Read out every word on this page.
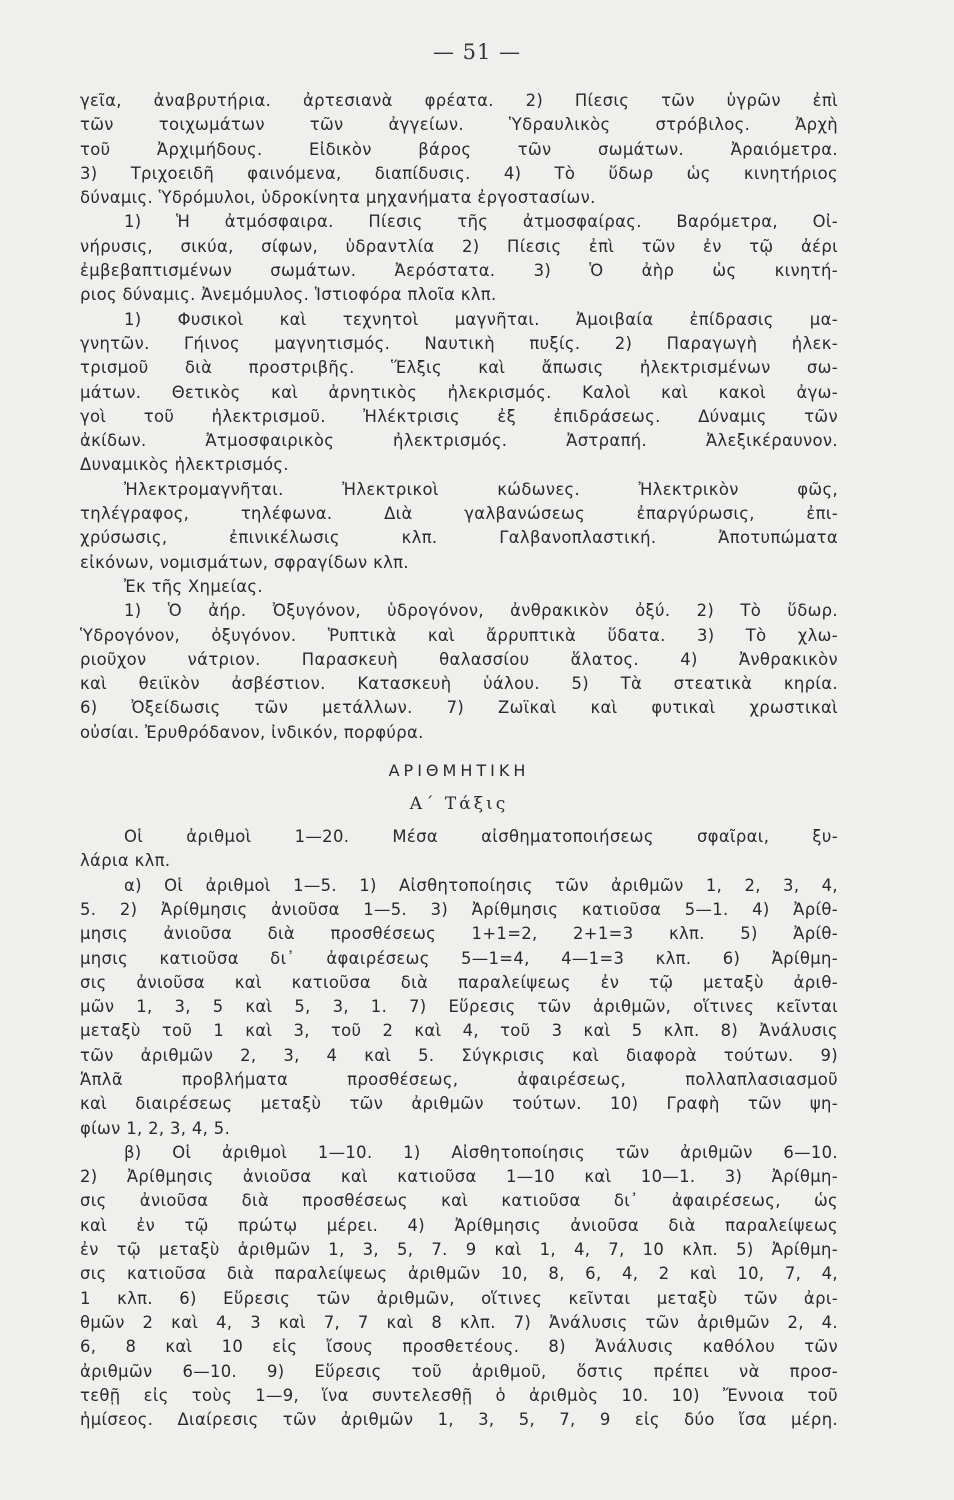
— 51 —
γεῖα, ἀναβρυτήρια. ἀρτεσιανὰ φρέατα. 2) Πίεσις τῶν ὑγρῶν ἐπὶ
τῶν τοιχωμάτων τῶν ἀγγείων. Ὑδραυλικὸς στρόβιλος. Ἀρχὴ
τοῦ Ἀρχιμήδους. Εἰδικὸν βάρος τῶν σωμάτων. Ἀραιόμετρα.
3) Τριχοειδῆ φαινόμενα, διαπίδυσις. 4) Τὸ ὕδωρ ὡς κινητήριος
δύναμις. Ὑδρόμυλοι, ὑδροκίνητα μηχανήματα ἐργοστασίων.
1) Ἡ ἀτμόσφαιρα. Πίεσις τῆς ἀτμοσφαίρας. Βαρόμετρα, Οἰ-
νήρυσις, σικύα, σίφων, ὑδραντλία 2) Πίεσις ἐπὶ τῶν ἐν τῷ ἀέρι
ἐμβεβαπτισμένων σωμάτων. Ἀερόστατα. 3) Ὁ ἀὴρ ὡς κινητή-
ριος δύναμις. Ἀνεμόμυλος. Ἱστιοφόρα πλοῖα κλπ.
1) Φυσικοὶ καὶ τεχνητοὶ μαγνῆται. Ἀμοιβαία ἐπίδρασις μα-
γνητῶν. Γήινος μαγνητισμός. Ναυτικὴ πυξίς. 2) Παραγωγὴ ἠλεκ-
τρισμοῦ διὰ προστριβῆς. Ἕλξις καὶ ἄπωσις ἠλεκτρισμένων σω-
μάτων. Θετικὸς καὶ ἀρνητικὸς ἠλεκρισμός. Καλοὶ καὶ κακοὶ ἀγω-
γοὶ τοῦ ἠλεκτρισμοῦ. Ἠλέκτρισις ἐξ ἐπιδράσεως. Δύναμις τῶν
ἀκίδων. Ἀτμοσφαιρικὸς ἠλεκτρισμός. Ἀστραπή. Ἀλεξικέραυνον.
Δυναμικὸς ἠλεκτρισμός.
Ἠλεκτρομαγνῆται. Ἠλεκτρικοὶ κώδωνες. Ἠλεκτρικὸν φῶς,
τηλέγραφος, τηλέφωνα. Διὰ γαλβανώσεως ἐπαργύρωσις, ἐπι-
χρύσωσις, ἐπινικέλωσις κλπ. Γαλβανοπλαστική. Ἀποτυπώματα
εἰκόνων, νομισμάτων, σφραγίδων κλπ.
Ἐκ τῆς Χημείας.
1) Ὁ ἀήρ. Ὀξυγόνον, ὑδρογόνον, ἀνθρακικὸν ὀξύ. 2) Τὸ ὕδωρ.
Ὑδρογόνον, ὀξυγόνον. Ῥυπτικὰ καὶ ἄρρυπτικὰ ὕδατα. 3) Τὸ χλω-
ριοῦχον νάτριον. Παρασκευὴ θαλασσίου ἅλατος. 4) Ἀνθρακικὸν
καὶ θειϊκὸν ἀσβέστιον. Κατασκευὴ ὑάλου. 5) Τὰ στεατικὰ κηρία.
6) Ὀξείδωσις τῶν μετάλλων. 7) Ζωϊκαὶ καὶ φυτικαὶ χρωστικαὶ
οὐσίαι. Ἐρυθρόδανον, ἰνδικόν, πορφύρα.
ΑΡΙΘΜΗΤΙΚΗ
Α΄ Τάξις
Οἱ ἀριθμοὶ 1—20. Μέσα αἰσθηματοποιήσεως σφαῖραι, ξυ-
λάρια κλπ.
α) Οἱ ἀριθμοὶ 1—5. 1) Αἰσθητοποίησις τῶν ἀριθμῶν 1, 2, 3, 4,
5. 2) Ἀρίθμησις ἀνιοῦσα 1—5. 3) Ἀρίθμησις κατιοῦσα 5—1. 4) Ἀρίθ-
μησις ἀνιοῦσα διὰ προσθέσεως 1+1=2, 2+1=3 κλπ. 5) Ἀρίθ-
μησις κατιοῦσα δι᾽ ἀφαιρέσεως 5—1=4, 4—1=3 κλπ. 6) Ἀρίθμη-
σις ἀνιοῦσα καὶ κατιοῦσα διὰ παραλείψεως ἐν τῷ μεταξὺ ἀριθ-
μῶν 1, 3, 5 καὶ 5, 3, 1. 7) Εὕρεσις τῶν ἀριθμῶν, οἵτινες κεῖνται
μεταξὺ τοῦ 1 καὶ 3, τοῦ 2 καὶ 4, τοῦ 3 καὶ 5 κλπ. 8) Ἀνάλυσις
τῶν ἀριθμῶν 2, 3, 4 καὶ 5. Σύγκρισις καὶ διαφορὰ τούτων. 9)
Ἁπλᾶ προβλήματα προσθέσεως, ἀφαιρέσεως, πολλαπλασιασμοῦ
καὶ διαιρέσεως μεταξὺ τῶν ἀριθμῶν τούτων. 10) Γραφὴ τῶν ψη-
φίων 1, 2, 3, 4, 5.
β) Οἱ ἀριθμοὶ 1—10. 1) Αἰσθητοποίησις τῶν ἀριθμῶν 6—10.
2) Ἀρίθμησις ἀνιοῦσα καὶ κατιοῦσα 1—10 καὶ 10—1. 3) Ἀρίθμη-
σις ἀνιοῦσα διὰ προσθέσεως καὶ κατιοῦσα δι᾽ ἀφαιρέσεως, ὡς
καὶ ἐν τῷ πρώτῳ μέρει. 4) Ἀρίθμησις ἀνιοῦσα διὰ παραλείψεως
ἐν τῷ μεταξὺ ἀριθμῶν 1, 3, 5, 7. 9 καὶ 1, 4, 7, 10 κλπ. 5) Ἀρίθμη-
σις κατιοῦσα διὰ παραλείψεως ἀριθμῶν 10, 8, 6, 4, 2 καὶ 10, 7, 4,
1 κλπ. 6) Εὕρεσις τῶν ἀριθμῶν, οἵτινες κεῖνται μεταξὺ τῶν ἀρι-
θμῶν 2 καὶ 4, 3 καὶ 7, 7 καὶ 8 κλπ. 7) Ἀνάλυσις τῶν ἀριθμῶν 2, 4.
6, 8 καὶ 10 εἰς ἴσους προσθετέους. 8) Ἀνάλυσις καθόλου τῶν
ἀριθμῶν 6—10. 9) Εὕρεσις τοῦ ἀριθμοῦ, ὅστις πρέπει νὰ προσ-
τεθῇ εἰς τοὺς 1—9, ἵνα συντελεσθῇ ὁ ἀριθμὸς 10. 10) Ἔννοια τοῦ
ἡμίσεος. Διαίρεσις τῶν ἀριθμῶν 1, 3, 5, 7, 9 εἰς δύο ἴσα μέρη.
